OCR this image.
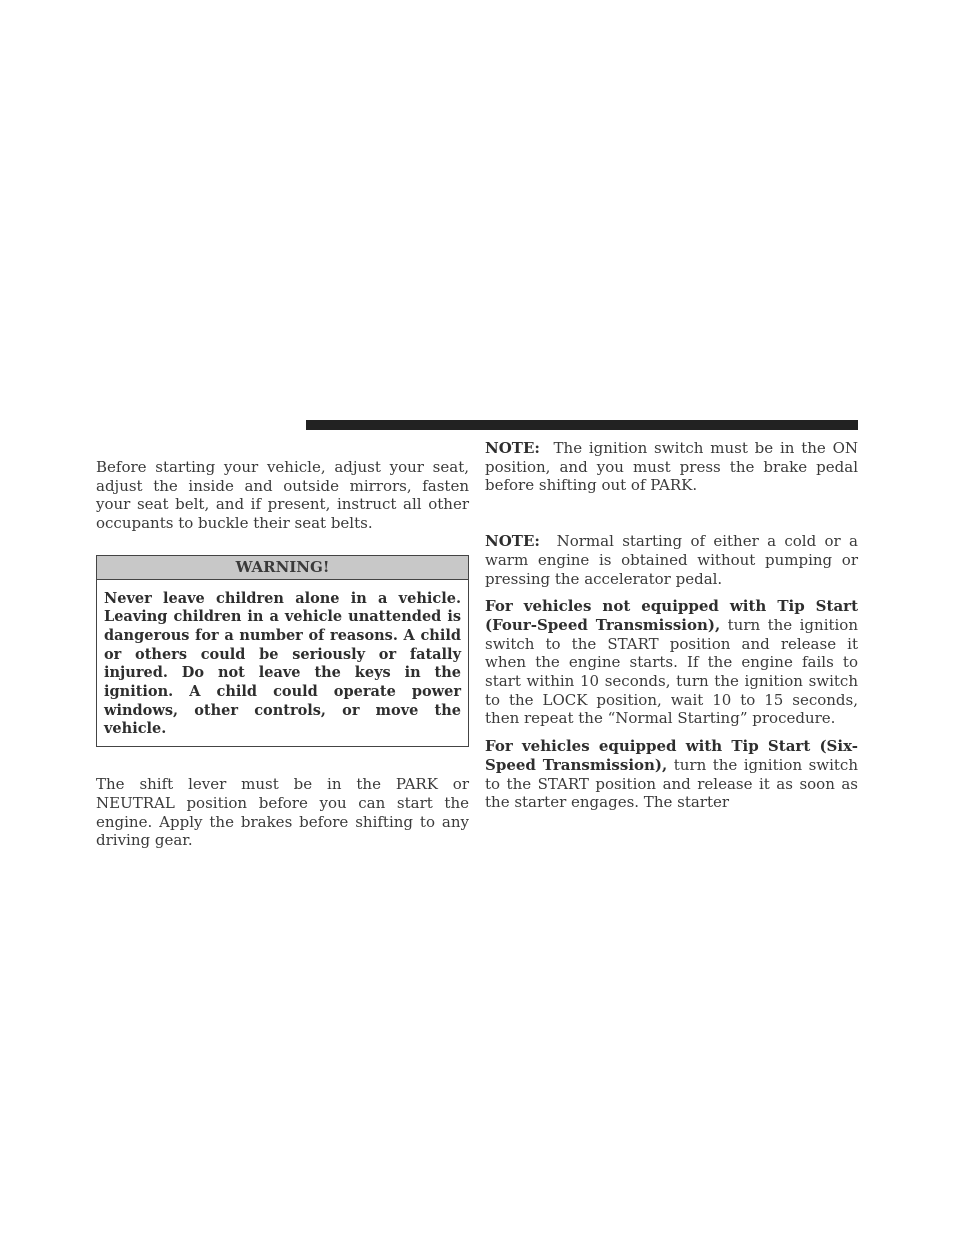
Before starting your vehicle, adjust your seat, adjust the inside and outside mirrors, fasten your seat belt, and if present, instruct all other occupants to buckle their seat belts.

WARNING!
Never leave children alone in a vehicle. Leaving children in a vehicle unattended is dangerous for a number of reasons. A child or others could be seriously or fatally injured. Do not leave the keys in the ignition. A child could operate power windows, other controls, or move the vehicle.

The shift lever must be in the PARK or NEUTRAL position before you can start the engine. Apply the brakes before shifting to any driving gear.

NOTE: The ignition switch must be in the ON position, and you must press the brake pedal before shifting out of PARK.

NOTE: Normal starting of either a cold or a warm engine is obtained without pumping or pressing the accelerator pedal.

For vehicles not equipped with Tip Start (Four-Speed Transmission), turn the ignition switch to the START position and release it when the engine starts. If the engine fails to start within 10 seconds, turn the ignition switch to the LOCK position, wait 10 to 15 seconds, then repeat the “Normal Starting” procedure.

For vehicles equipped with Tip Start (Six-Speed Transmission), turn the ignition switch to the START position and release it as soon as the starter engages. The starter
